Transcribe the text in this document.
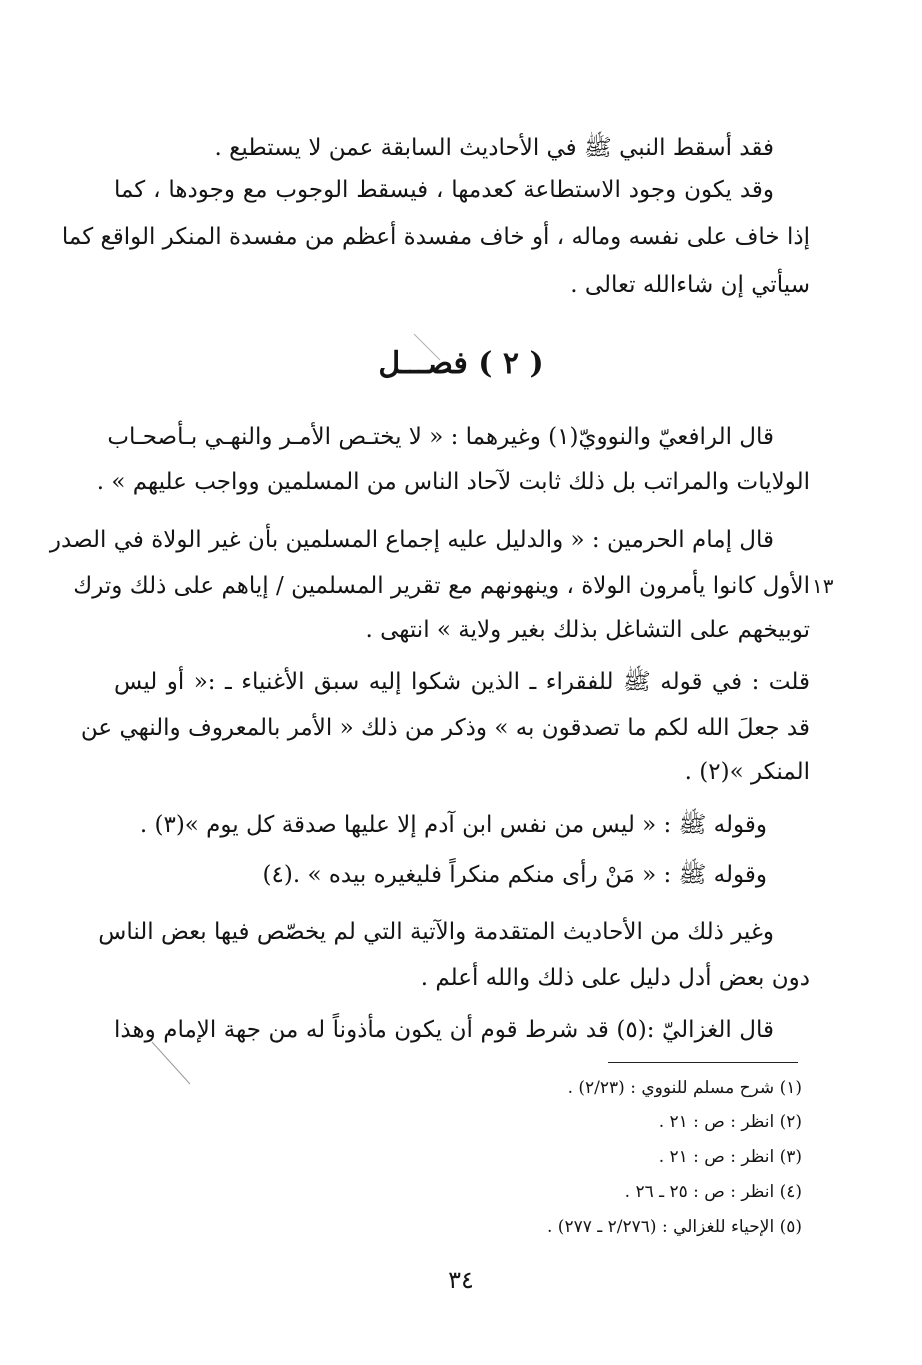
فقد أسقط النبي ﷺ في الأحاديث السابقة عمن لا يستطيع .
وقد يكون وجود الاستطاعة كعدمها ، فيسقط الوجوب مع وجودها ، كما
إذا خاف على نفسه وماله ، أو خاف مفسدة أعظم من مفسدة المنكر الواقع كما
سيأتي إن شاءالله تعالى .
( ٢ ) فصـــل
قال الرافعيّ والنوويّ(١) وغيرهما : « لا يختـص الأمـر والنهـي بـأصحـاب
الولايات والمراتب بل ذلك ثابت لآحاد الناس من المسلمين وواجب عليهم » .
قال إمام الحرمين : « والدليل عليه إجماع المسلمين بأن غير الولاة في الصدر
١٣
الأول كانوا يأمرون الولاة ، وينهونهم مع تقرير المسلمين / إياهم على ذلك وترك
توبيخهم على التشاغل بذلك بغير ولاية » انتهى .
قلت : في قوله ﷺ للفقراء ـ الذين شكوا إليه سبق الأغنياء ـ :« أو ليس
قد جعلَ الله لكم ما تصدقون به » وذكر من ذلك « الأمر بالمعروف والنهي عن
المنكر »(٢) .
وقوله ﷺ : « ليس من نفس ابن آدم إلا عليها صدقة كل يوم »(٣) .
وقوله ﷺ : « مَنْ رأى منكم منكراً فليغيره بيده » .(٤)
وغير ذلك من الأحاديث المتقدمة والآتية التي لم يخصّص فيها بعض الناس
دون بعض أدل دليل على ذلك والله أعلم .
قال الغزاليّ :(٥) قد شرط قوم أن يكون مأذوناً له من جهة الإمام وهذا
(١) شرح مسلم للنووي : (٢/٢٣) .
(٢) انظر : ص : ٢١ .
(٣) انظر : ص : ٢١ .
(٤) انظر : ص : ٢٥ ـ ٢٦ .
(٥) الإحياء للغزالي : (٢/٢٧٦ ـ ٢٧٧) .
٣٤
